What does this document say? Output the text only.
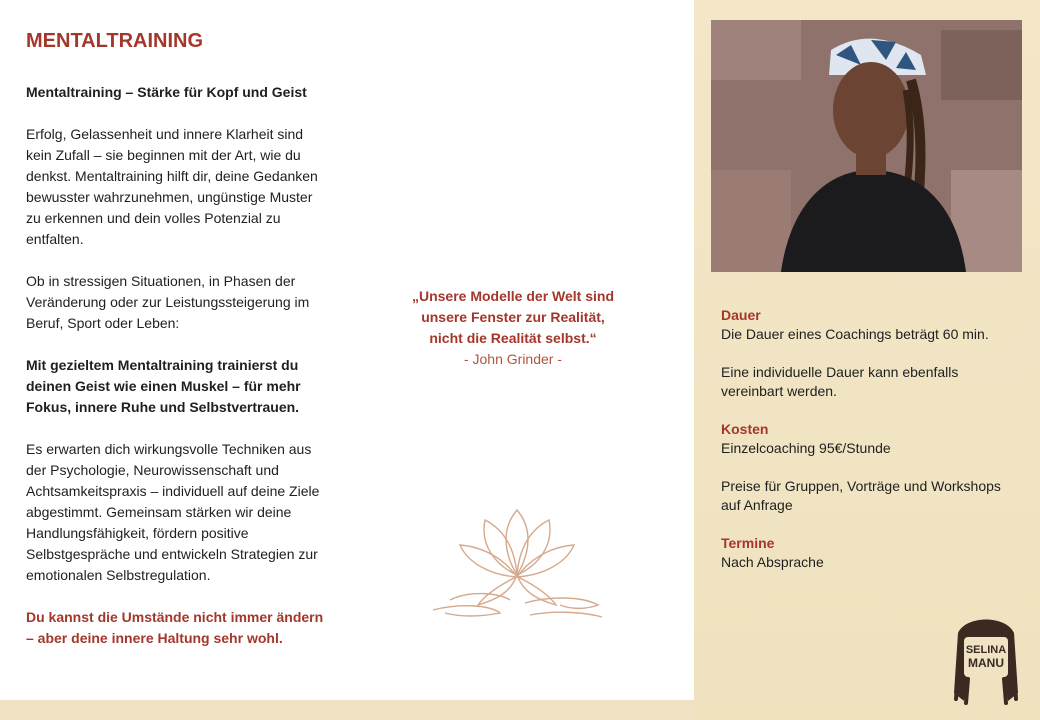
MENTALTRAINING
Mentaltraining – Stärke für Kopf und Geist

Erfolg, Gelassenheit und innere Klarheit sind kein Zufall – sie beginnen mit der Art, wie du denkst. Mentaltraining hilft dir, deine Gedanken bewusster wahrzunehmen, ungünstige Muster zu erkennen und dein volles Potenzial zu entfalten.

Ob in stressigen Situationen, in Phasen der Veränderung oder zur Leistungssteigerung im Beruf, Sport oder Leben:

Mit gezieltem Mentaltraining trainierst du deinen Geist wie einen Muskel – für mehr Fokus, innere Ruhe und Selbstvertrauen.

Es erwarten dich wirkungsvolle Techniken aus der Psychologie, Neurowissenschaft und Achtsamkeitspraxis – individuell auf deine Ziele abgestimmt. Gemeinsam stärken wir deine Handlungsfähigkeit, fördern positive Selbstgespräche und entwickeln Strategien zur emotionalen Selbstregulation.

Du kannst die Umstände nicht immer ändern – aber deine innere Haltung sehr wohl.

„Unsere Modelle der Welt sind
unsere Fenster zur Realität,
nicht die Realität selbst.“
- John Grinder -
Dauer
Die Dauer eines Coachings beträgt 60 min.
Eine individuelle Dauer kann ebenfalls vereinbart werden.
Kosten
Einzelcoaching 95€/Stunde
Preise für Gruppen, Vorträge und Workshops auf Anfrage
Termine
Nach Absprache
SELINA
MANU
